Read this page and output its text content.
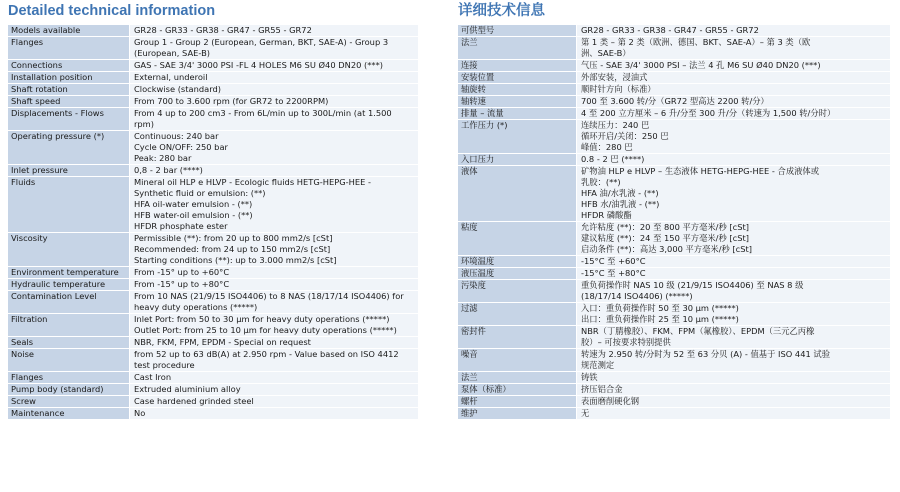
Detailed technical information
Models available	GR28 - GR33 - GR38 - GR47 - GR55 - GR72

Flanges	Group 1 - Group 2 (European, German, BKT, SAE-A) - Group 3
(European, SAE-B)

Connections	GAS - SAE 3/4' 3000 PSI -FL 4 HOLES M6 SU Ø40 DN20 (***)

Installation position	External, underoil

Shaft rotation	Clockwise (standard)

Shaft speed	From 700 to 3.600 rpm (for GR72 to 2200RPM)

Displacements - Flows	From 4 up to 200 cm3 - From 6L/min up to 300L/min (at 1.500
rpm)

Operating pressure (*)	Continuous: 240 bar
Cycle ON/OFF: 250 bar
Peak: 280 bar

Inlet pressure	0,8 - 2 bar (****)

Fluids	Mineral oil HLP e HLVP - Ecologic fluids HETG-HEPG-HEE -
Synthetic fluid or emulsion: (**)
HFA oil-water emulsion - (**)
HFB water-oil emulsion - (**)
HFDR phosphate ester

Viscosity	Permissible (**): from 20 up to 800 mm2/s [cSt]
Recommended: from 24 up to 150 mm2/s [cSt]
Starting conditions (**): up to 3.000 mm2/s [cSt]

Environment temperature	From -15° up to +60°C

Hydraulic temperature	From -15° up to +80°C

Contamination Level	From 10 NAS (21/9/15 ISO4406) to 8 NAS (18/17/14 ISO4406) for
heavy duty operations (*****)

Filtration	Inlet Port: from 50 to 30 µm for heavy duty operations (*****)
Outlet Port: from 25 to 10 µm for heavy duty operations (*****)

Seals	NBR, FKM, FPM, EPDM - Special on request

Noise	from 52 up to 63 dB(A) at 2.950 rpm - Value based on ISO 4412
test procedure

Flanges	Cast Iron

Pump body (standard)	Extruded aluminium alloy

Screw	Case hardened grinded steel

Maintenance	No
详细技术信息
可供型号	GR28 - GR33 - GR38 - GR47 - GR55 - GR72

法兰	第 1 类 – 第 2 类（欧洲、德国、BKT、SAE-A）– 第 3 类（欧
洲、SAE-B）

连接	气压 - SAE 3/4' 3000 PSI – 法兰 4 孔 M6 SU Ø40 DN20 (***)

安装位置	外部安装，浸油式

轴旋转	顺时针方向（标准）

轴转速	700 至 3.600 转/分（GR72 型高达 2200 转/分）

排量 – 流量	4 至 200 立方厘米 – 6 升/分至 300 升/分（转速为 1,500 转/分时）

工作压力 (*)	连续压力：240 巴
循环开启/关闭：250 巴
峰值：280 巴

入口压力	0.8 - 2 巴 (****)

液体	矿物油 HLP e HLVP – 生态液体 HETG-HEPG-HEE - 合成液体或
乳胶：(**)
HFA 油/水乳液 - (**)
HFB 水/油乳液 - (**)
HFDR 磷酸酯

粘度	允许粘度 (**)：20 至 800 平方毫米/秒 [cSt]
建议粘度 (**)：24 至 150 平方毫米/秒 [cSt]
启动条件 (**)：高达 3,000 平方毫米/秒 [cSt]

环境温度	-15°C 至 +60°C

液压温度	-15°C 至 +80°C

污染度	重负荷操作时 NAS 10 级 (21/9/15 ISO4406) 至 NAS 8 级
(18/17/14 ISO4406) (*****)

过滤	入口：重负荷操作时 50 至 30 µm (*****)
出口：重负荷操作时 25 至 10 µm (*****)

密封件	NBR（丁腈橡胶）、FKM、FPM（氟橡胶）、EPDM（三元乙丙橡
胶）– 可按要求特别提供

噪音	转速为 2.950 转/分时为 52 至 63 分贝 (A) - 值基于 ISO 441 试验
规范测定

法兰	铸铁

泵体（标准）	挤压铝合金

螺杆	表面磨削硬化钢

维护	无
